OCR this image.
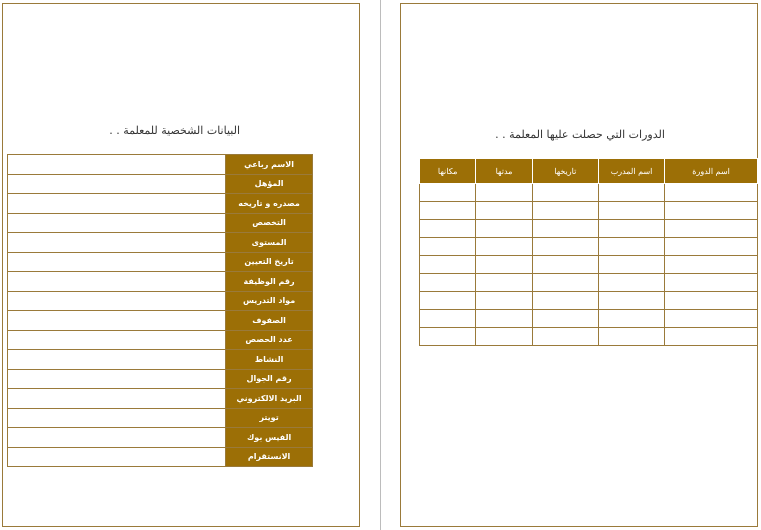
البيانات الشخصية للمعلمة . .	الدورات التي حصلت عليها المعلمة . .
	الاسم رباعي
	المؤهل
	مصدره و تاريخه
	التخصص
	المستوى
	تاريخ التعيين
	رقم الوظيفة
	مواد التدريس
	الصفوف
	عدد الحصص
	النشاط
	رقم الجوال
	البريد الالكتروني
	تويتر
	الفيس بوك
	الانستقرام
مكانها	مدتها	تاريخها	اسم المدرب	اسم الدورة
